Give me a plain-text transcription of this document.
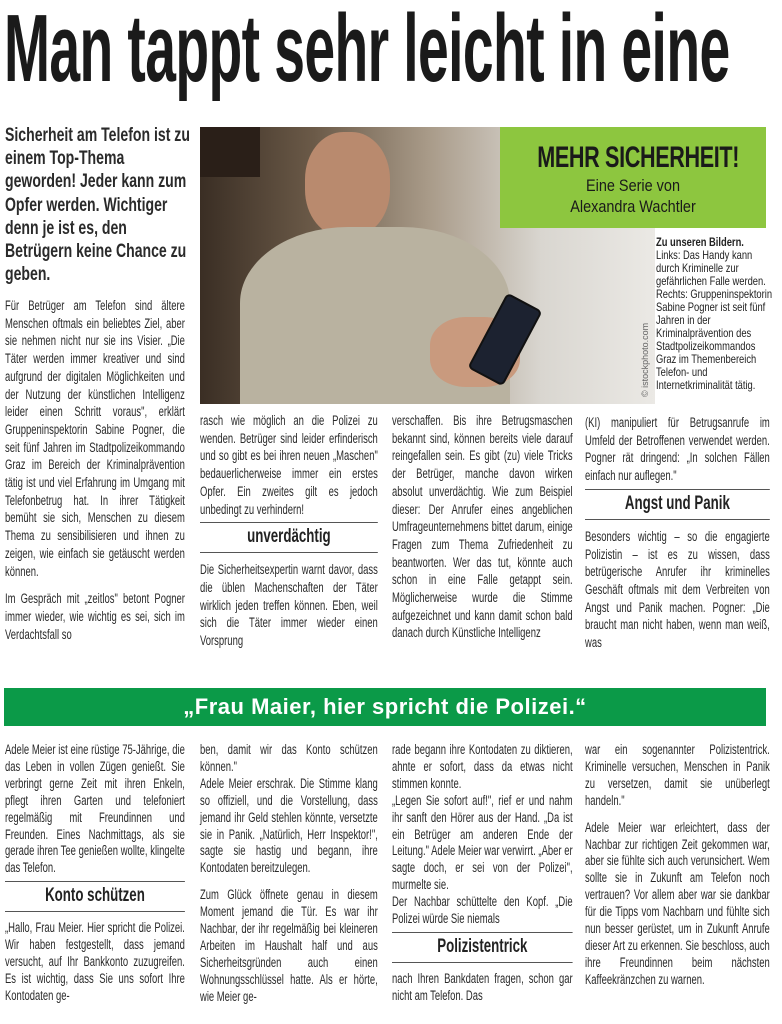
Man tappt sehr leicht in eine
Sicherheit am Telefon ist zu einem Top-Thema geworden! Jeder kann zum Opfer werden. Wichtiger denn je ist es, den Betrügern keine Chance zu geben.

Für Betrüger am Telefon sind ältere Menschen oftmals ein beliebtes Ziel, aber sie nehmen nicht nur sie ins Visier. „Die Täter werden immer kreativer und sind aufgrund der digitalen Möglichkeiten und der Nutzung der künstlichen Intelligenz leider einen Schritt voraus", erklärt Gruppeninspektorin Sabine Pogner, die seit fünf Jahren im Stadtpolizeikommando Graz im Bereich der Kriminalprävention tätig ist und viel Erfahrung im Umgang mit Telefonbetrug hat. In ihrer Tätigkeit bemüht sie sich, Menschen zu diesem Thema zu sensibilisieren und ihnen zu zeigen, wie einfach sie getäuscht werden können.

Im Gespräch mit „zeitlos" betont Pogner immer wieder, wie wichtig es sei, sich im Verdachtsfall so

© istockphoto.com
MEHR SICHERHEIT!
Eine Serie von
Alexandra Wachtler
Zu unseren Bildern.
Links: Das Handy kann durch Kriminelle zur gefährlichen Falle werden. Rechts: Gruppeninspektorin Sabine Pogner ist seit fünf Jahren in der Kriminalprävention des Stadtpolizeikommandos Graz im Themenbereich Telefon- und Internetkriminalität tätig.

rasch wie möglich an die Polizei zu wenden. Betrüger sind leider erfinderisch und so gibt es bei ihren neuen „Maschen" bedauerlicherweise immer ein erstes Opfer. Ein zweites gilt es jedoch unbedingt zu verhindern!

unverdächtig

Die Sicherheitsexpertin warnt davor, dass die üblen Machenschaften der Täter wirklich jeden treffen können. Eben, weil sich die Täter immer wieder einen Vorsprung

verschaffen. Bis ihre Betrugsmaschen bekannt sind, können bereits viele darauf reingefallen sein. Es gibt (zu) viele Tricks der Betrüger, manche davon wirken absolut unverdächtig. Wie zum Beispiel dieser: Der Anrufer eines angeblichen Umfrageunternehmens bittet darum, einige Fragen zum Thema Zufriedenheit zu beantworten. Wer das tut, könnte auch schon in eine Falle getappt sein. Möglicherweise wurde die Stimme aufgezeichnet und kann damit schon bald danach durch Künstliche Intelligenz

(KI) manipuliert für Betrugsanrufe im Umfeld der Betroffenen verwendet werden. Pogner rät dringend: „In solchen Fällen einfach nur auflegen."

Angst und Panik

Besonders wichtig – so die engagierte Polizistin – ist es zu wissen, dass betrügerische Anrufer ihr kriminelles Geschäft oftmals mit dem Verbreiten von Angst und Panik machen. Pogner: „Die braucht man nicht haben, wenn man weiß, was

„Frau Maier, hier spricht die Polizei.“

Adele Meier ist eine rüstige 75-Jährige, die das Leben in vollen Zügen genießt. Sie verbringt gerne Zeit mit ihren Enkeln, pflegt ihren Garten und telefoniert regelmäßig mit Freundinnen und Freunden. Eines Nachmittags, als sie gerade ihren Tee genießen wollte, klingelte das Telefon.

Konto schützen

„Hallo, Frau Meier. Hier spricht die Polizei. Wir haben festgestellt, dass jemand versucht, auf Ihr Bankkonto zuzugreifen. Es ist wichtig, dass Sie uns sofort Ihre Kontodaten ge-

ben, damit wir das Konto schützen können."

Adele Meier erschrak. Die Stimme klang so offiziell, und die Vorstellung, dass jemand ihr Geld stehlen könnte, versetzte sie in Panik. „Natürlich, Herr Inspektor!", sagte sie hastig und begann, ihre Kontodaten bereitzulegen.

Zum Glück öffnete genau in diesem Moment jemand die Tür. Es war ihr Nachbar, der ihr regelmäßig bei kleineren Arbeiten im Haushalt half und aus Sicherheitsgründen auch einen Wohnungsschlüssel hatte. Als er hörte, wie Meier ge-

rade begann ihre Kontodaten zu diktieren, ahnte er sofort, dass da etwas nicht stimmen konnte.

„Legen Sie sofort auf!", rief er und nahm ihr sanft den Hörer aus der Hand. „Da ist ein Betrüger am anderen Ende der Leitung." Adele Meier war verwirrt. „Aber er sagte doch, er sei von der Polizei", murmelte sie.

Der Nachbar schüttelte den Kopf. „Die Polizei würde Sie niemals

Polizistentrick

nach Ihren Bankdaten fragen, schon gar nicht am Telefon. Das

war ein sogenannter Polizistentrick. Kriminelle versuchen, Menschen in Panik zu versetzen, damit sie unüberlegt handeln."

Adele Meier war erleichtert, dass der Nachbar zur richtigen Zeit gekommen war, aber sie fühlte sich auch verunsichert. Wem sollte sie in Zukunft am Telefon noch vertrauen? Vor allem aber war sie dankbar für die Tipps vom Nachbarn und fühlte sich nun besser gerüstet, um in Zukunft Anrufe dieser Art zu erkennen. Sie beschloss, auch ihre Freundinnen beim nächsten Kaffeekränzchen zu warnen.
